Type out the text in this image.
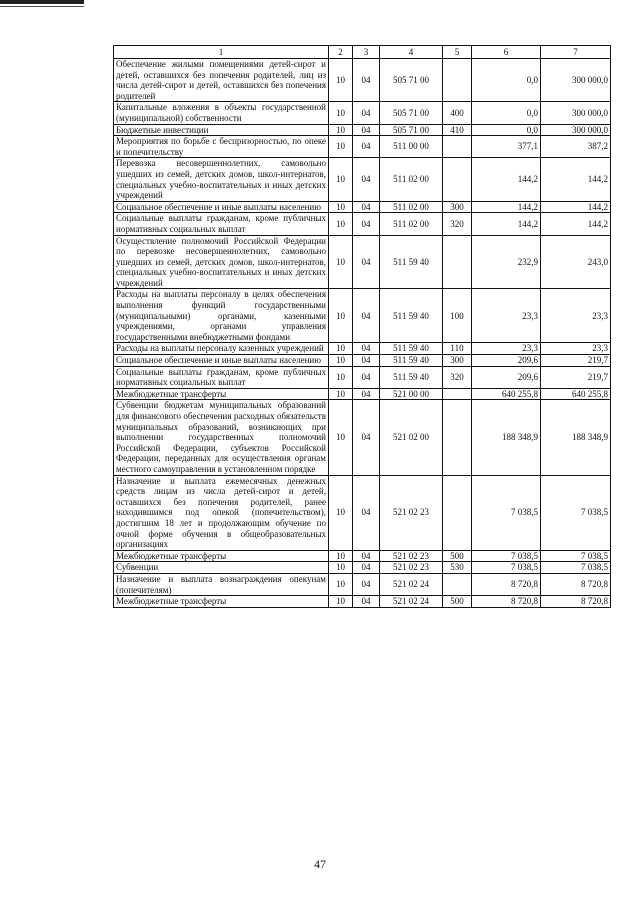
1	2	3	4	5	6	7
Обеспечение жилыми помещениями детей-сирот и детей, оставшихся без попечения родителей, лиц из числа детей-сирот и детей, оставшихся без попечения родителей	10	04	505 71 00		0,0	300 000,0
Капитальные вложения в объекты государственной (муниципальной) собственности	10	04	505 71 00	400	0,0	300 000,0
Бюджетные инвестиции	10	04	505 71 00	410	0,0	300 000,0
Мероприятия по борьбе с беспризорностью, по опеке и попечительству	10	04	511 00 00		377,1	387,2
Перевозка несовершеннолетних, самовольно ушедших из семей, детских домов, школ-интернатов, специальных учебно-воспитательных и иных детских учреждений	10	04	511 02 00		144,2	144,2
Социальное обеспечение и иные выплаты населению	10	04	511 02 00	300	144,2	144,2
Социальные выплаты гражданам, кроме публичных нормативных социальных выплат	10	04	511 02 00	320	144,2	144,2
Осуществление полномочий Российской Федерации по перевозке несовершеннолетних, самовольно ушедших из семей, детских домов, школ-интернатов, специальных учебно-воспитательных и иных детских учреждений	10	04	511 59 40		232,9	243,0
Расходы на выплаты персоналу в целях обеспечения выполнения функций государственными (муниципальными) органами, казенными учреждениями, органами управления государственными внебюджетными фондами	10	04	511 59 40	100	23,3	23,3
Расходы на выплаты персоналу казенных учреждений	10	04	511 59 40	110	23,3	23,3
Социальное обеспечение и иные выплаты населению	10	04	511 59 40	300	209,6	219,7
Социальные выплаты гражданам, кроме публичных нормативных социальных выплат	10	04	511 59 40	320	209,6	219,7
Межбюджетные трансферты	10	04	521 00 00		640 255,8	640 255,8
Субвенции бюджетам муниципальных образований для финансового обеспечения расходных обязательств муниципальных образований, возникающих при выполнении государственных полномочий Российской Федерации, субъектов Российской Федерации, переданных для осуществления органам местного самоуправления в установленном порядке	10	04	521 02 00		188 348,9	188 348,9
Назначение и выплата ежемесячных денежных средств лицам из числа детей-сирот и детей, оставшихся без попечения родителей, ранее находившимся под опекой (попечительством), достигшим 18 лет и продолжающим обучение по очной форме обучения в общеобразовательных организациях	10	04	521 02 23		7 038,5	7 038,5
Межбюджетные трансферты	10	04	521 02 23	500	7 038,5	7 038,5
Субвенции	10	04	521 02 23	530	7 038,5	7 038,5
Назначение и выплата вознаграждения опекунам (попечителям)	10	04	521 02 24		8 720,8	8 720,8
Межбюджетные трансферты	10	04	521 02 24	500	8 720,8	8 720,8
47
